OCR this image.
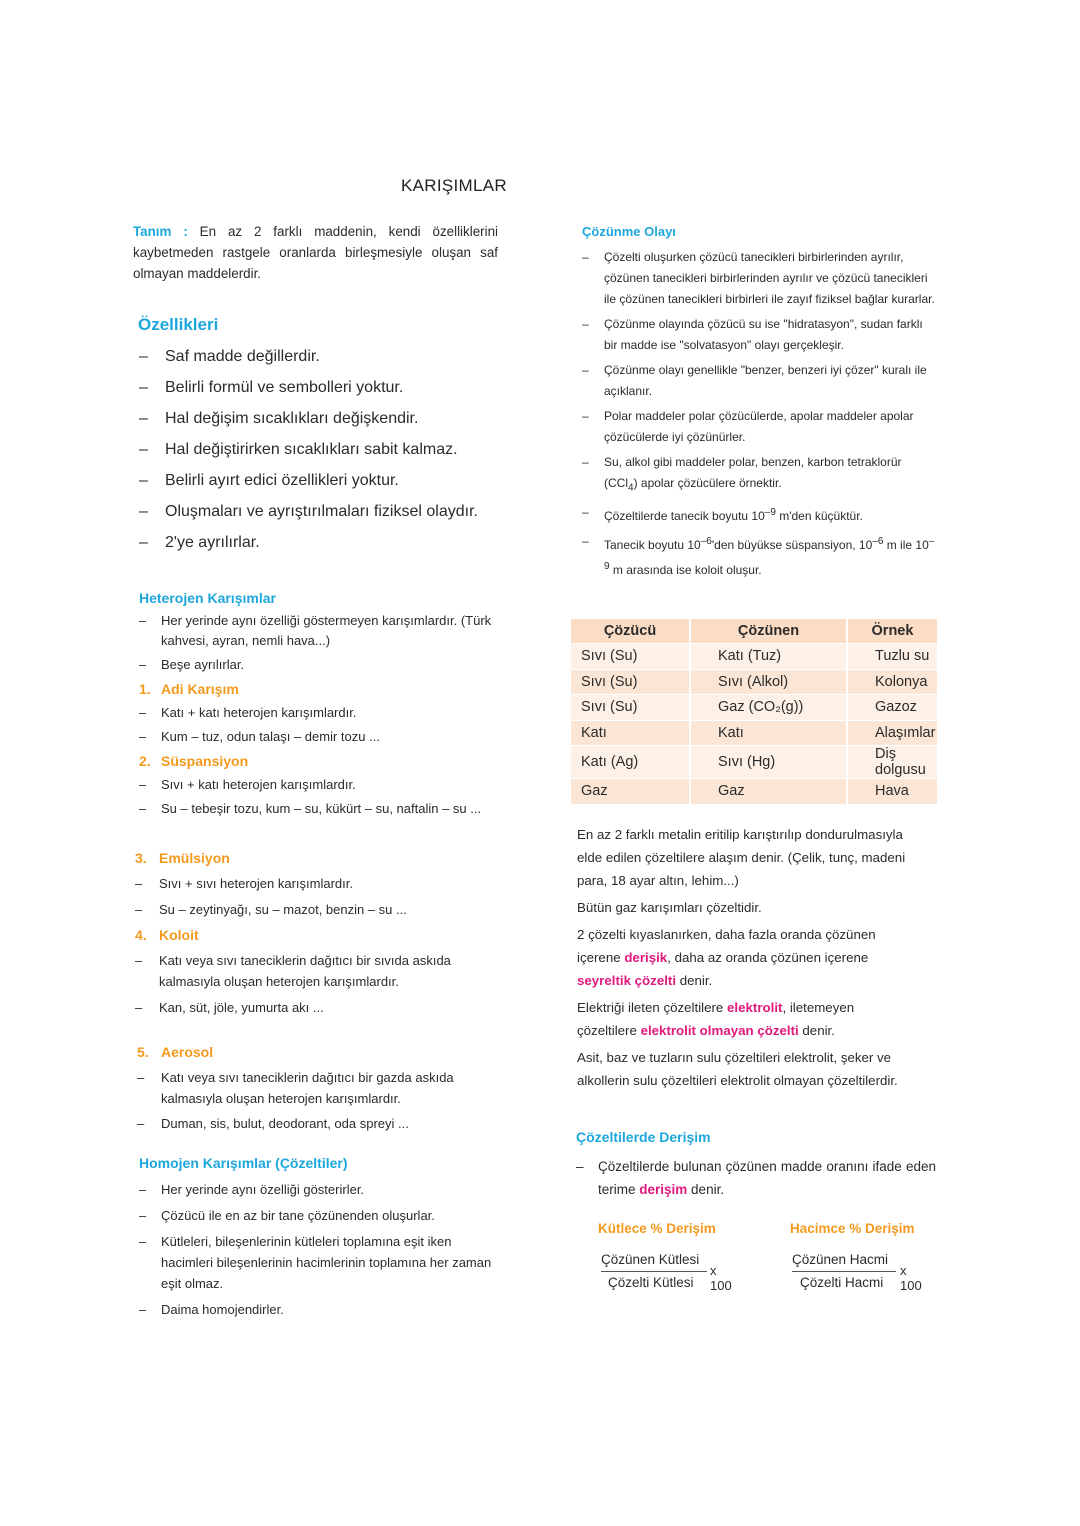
KARIŞIMLAR
Tanım : En az 2 farklı maddenin, kendi özelliklerini kaybetmeden rastgele oranlarda birleşmesiyle oluşan saf olmayan maddelerdir.
Özellikleri
– Saf madde değillerdir.
– Belirli formül ve sembolleri yoktur.
– Hal değişim sıcaklıkları değişkendir.
– Hal değiştirirken sıcaklıkları sabit kalmaz.
– Belirli ayırt edici özellikleri yoktur.
– Oluşmaları ve ayrıştırılmaları fiziksel olaydır.
– 2'ye ayrılırlar.
Heterojen Karışımlar
– Her yerinde aynı özelliği göstermeyen karışımlardır. (Türk kahvesi, ayran, nemli hava...)
– Beşe ayrılırlar.
1. Adi Karışım
– Katı + katı heterojen karışımlardır.
– Kum – tuz, odun talaşı – demir tozu ...
2. Süspansiyon
– Sıvı + katı heterojen karışımlardır.
– Su – tebeşir tozu, kum – su, kükürt – su, naftalin – su ...
3. Emülsiyon
– Sıvı + sıvı heterojen karışımlardır.
– Su – zeytinyağı, su – mazot, benzin – su ...
4. Koloit
– Katı veya sıvı taneciklerin dağıtıcı bir sıvıda askıda kalmasıyla oluşan heterojen karışımlardır.
– Kan, süt, jöle, yumurta akı ...
5. Aerosol
– Katı veya sıvı taneciklerin dağıtıcı bir gazda askıda kalmasıyla oluşan heterojen karışımlardır.
– Duman, sis, bulut, deodorant, oda spreyi ...
Homojen Karışımlar (Çözeltiler)
– Her yerinde aynı özelliği gösterirler.
– Çözücü ile en az bir tane çözünenden oluşurlar.
– Kütleleri, bileşenlerinin kütleleri toplamına eşit iken hacimleri bileşenlerinin hacimlerinin toplamına her zaman eşit olmaz.
– Daima homojendirler.
Çözünme Olayı
– Çözelti oluşurken çözücü tanecikleri birbirlerinden ayrılır, çözünen tanecikleri birbirlerinden ayrılır ve çözücü tanecikleri ile çözünen tanecikleri birbirleri ile zayıf fiziksel bağlar kurarlar.
– Çözünme olayında çözücü su ise "hidratasyon", sudan farklı bir madde ise "solvatasyon" olayı gerçekleşir.
– Çözünme olayı genellikle "benzer, benzeri iyi çözer" kuralı ile açıklanır.
– Polar maddeler polar çözücülerde, apolar maddeler apolar çözücülerde iyi çözünürler.
– Su, alkol gibi maddeler polar, benzen, karbon tetraklorür (CCl$_4$) apolar çözücülere örnektir.
– Çözeltilerde tanecik boyutu $10^{-9}$ m'den küçüktür.
– Tanecik boyutu $10^{-6}'den$ büyükse süspansiyon, $10^{-6}$ m ile $10^{-9}$ m arasında ise koloit oluşur.
Çözücü	Çözünen	Örnek
Sıvı (Su)	Katı (Tuz)	Tuzlu su
Sıvı (Su)	Sıvı (Alkol)	Kolonya
Sıvı (Su)	Gaz (CO₂(g))	Gazoz
Katı	Katı	Alaşımlar
Katı (Ag)	Sıvı (Hg)	Diş dolgusu
Gaz	Gaz	Hava

En az 2 farklı metalin eritilip karıştırılıp dondurulmasıyla elde edilen çözeltilere alaşım denir. (Çelik, tunç, madeni para, 18 ayar altın, lehim...)

Bütün gaz karışımları çözeltidir.

2 çözelti kıyaslanırken, daha fazla oranda çözünen içerene derişik, daha az oranda çözünen içerene seyreltik çözelti denir.

Elektriği ileten çözeltilere elektrolit, iletemeyen çözeltilere elektrolit olmayan çözelti denir.

Asit, baz ve tuzların sulu çözeltileri elektrolit, şeker ve alkollerin sulu çözeltileri elektrolit olmayan çözeltilerdir.

Çözeltilerde Derişim
– Çözeltilerde bulunan çözünen madde oranını ifade eden terime derişim denir.
Kütlece % Derişim	Hacimce % Derişim
Çözünen Kütlesi
Çözelti Kütlesi
x 100
Çözünen Hacmi
Çözelti Hacmi
x 100
